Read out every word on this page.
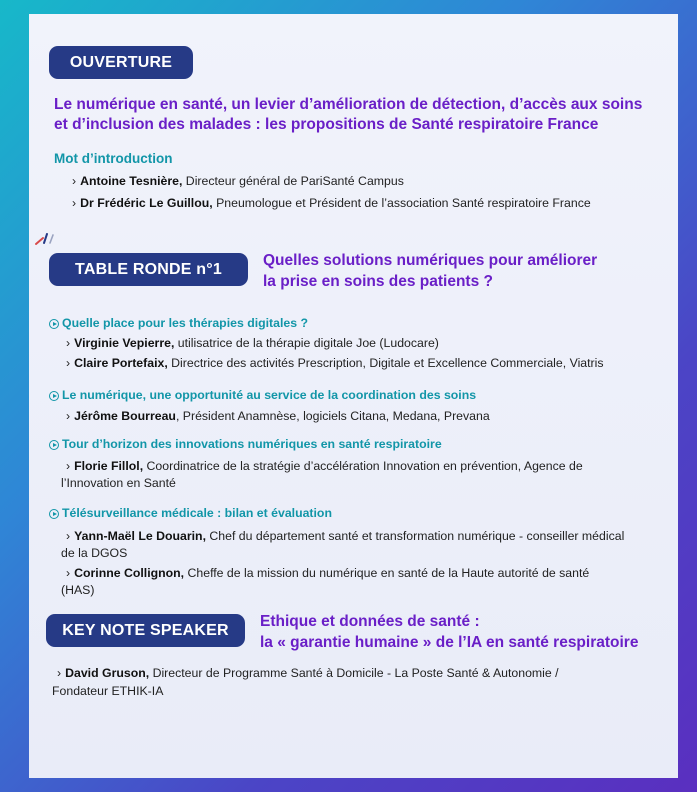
OUVERTURE
Le numérique en santé, un levier d’amélioration de détection, d’accès aux soins
et d’inclusion des malades : les propositions de Santé respiratoire France
Mot d’introduction
› Antoine Tesnière, Directeur général de PariSanté Campus
› Dr Frédéric Le Guillou, Pneumologue et Président de l’association Santé respiratoire France
TABLE RONDE n°1	Quelles solutions numériques pour améliorer
la prise en soins des patients ?
Quelle place pour les thérapies digitales ?
› Virginie Vepierre, utilisatrice de la thérapie digitale Joe (Ludocare)
› Claire Portefaix, Directrice des activités Prescription, Digitale et Excellence Commerciale, Viatris
Le numérique, une opportunité au service de la coordination des soins
› Jérôme Bourreau, Président Anamnèse, logiciels Citana, Medana, Prevana
Tour d’horizon des innovations numériques en santé respiratoire
› Florie Fillol, Coordinatrice de la stratégie d’accélération Innovation en prévention, Agence de
l’Innovation en Santé
Télésurveillance médicale : bilan et évaluation
› Yann-Maël Le Douarin, Chef du département santé et transformation numérique - conseiller médical
de la DGOS
› Corinne Collignon, Cheffe de la mission du numérique en santé de la Haute autorité de santé
(HAS)
KEY NOTE SPEAKER	Ethique et données de santé :
la « garantie humaine » de l’IA en santé respiratoire
› David Gruson, Directeur de Programme Santé à Domicile - La Poste Santé & Autonomie /
Fondateur ETHIK-IA
